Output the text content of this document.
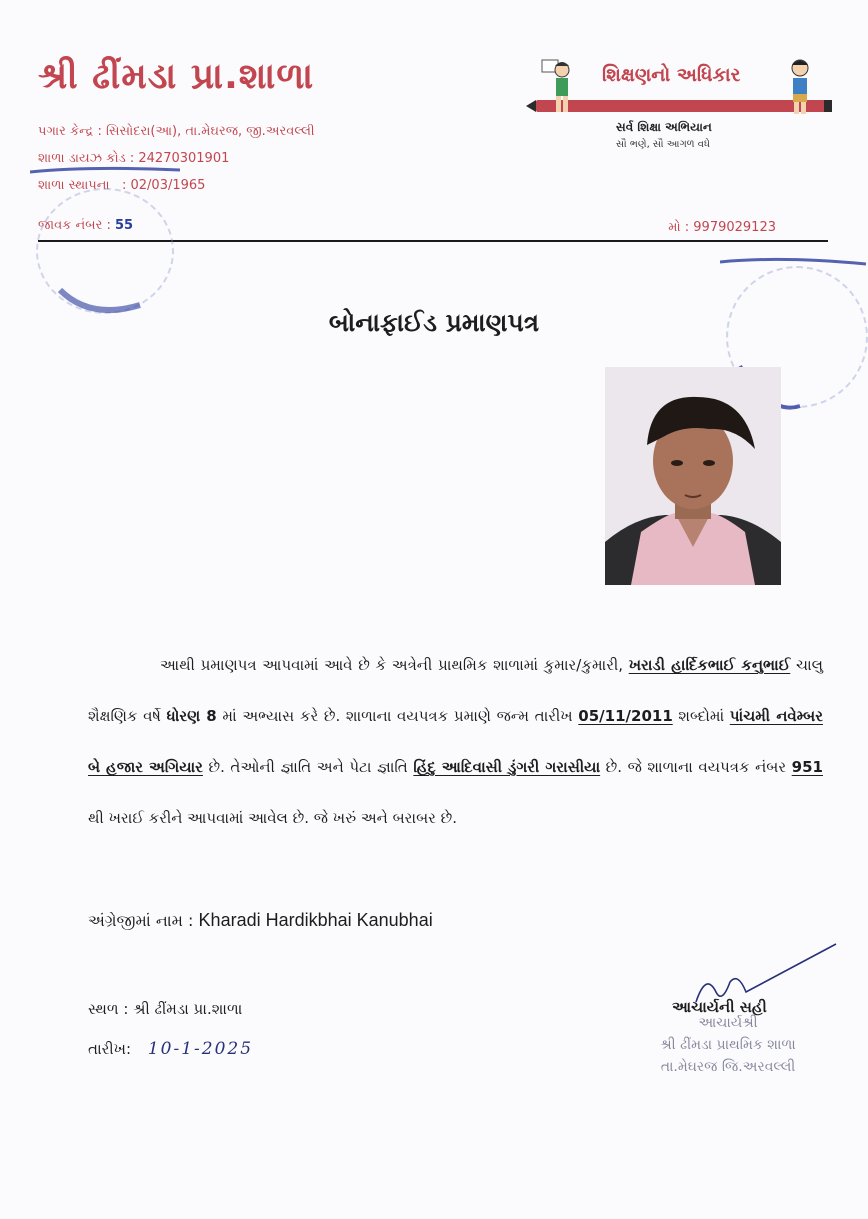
શ્રી ઢીંમડા પ્રા.શાળા
પગાર કેન્દ્ર : સિસોદરા(આ), તા.મેઘરજ, જી.અરવલ્લી
શાળા ડાયઝ કોડ : 24270301901
શાળા સ્થાપના : 02/03/1965
જાવક નંબર : 55	મો : 9979029123
શિક્ષણનો અધિકાર
સર્વ શિક્ષા અભિયાન
સૌ ભણે, સૌ આગળ વધે
બોનાફાઈડ પ્રમાણપત્ર
આથી પ્રમાણપત્ર આપવામાં આવે છે કે અત્રેની પ્રાથમિક શાળામાં કુમાર/કુમારી, ખરાડી હાર્દિકભાઈ કનુભાઈ ચાલુ શૈક્ષણિક વર્ષે ધોરણ 8 માં અભ્યાસ કરે છે. શાળાના વયપત્રક પ્રમાણે જન્મ તારીખ 05/11/2011 શબ્દોમાં પાંચમી નવેમ્બર બે હજાર અગિયાર છે. તેઓની જ્ઞાતિ અને પેટા જ્ઞાતિ હિંદુ આદિવાસી ડુંગરી ગરાસીયા છે. જે શાળાના વયપત્રક નંબર 951 થી ખરાઈ કરીને આપવામાં આવેલ છે. જે ખરું અને બરાબર છે.
અંગ્રેજીમાં નામ : Kharadi Hardikbhai Kanubhai
સ્થળ : શ્રી ઢીંમડા પ્રા.શાળા
તારીખ: 10-1-2025
આચાર્યની સહી
આચાર્યશ્રી
શ્રી ઢીંમડા પ્રાથમિક શાળા
તા.મેઘરજ જિ.અરવલ્લી
